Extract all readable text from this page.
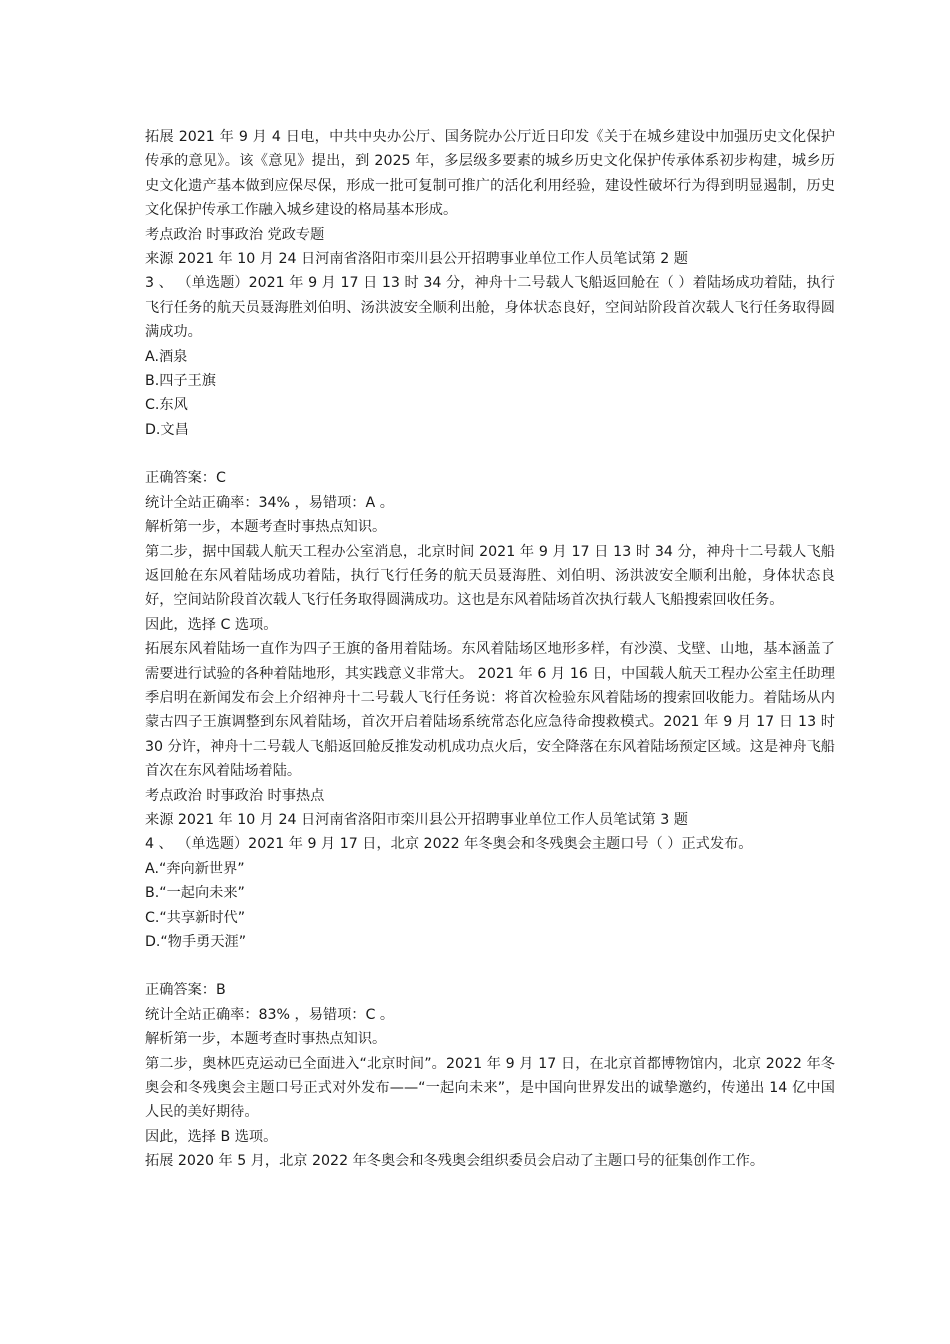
拓展 2021 年 9 月 4 日电，中共中央办公厅、国务院办公厅近日印发《关于在城乡建设中加强历史文化保护传承的意见》。该《意见》提出，到 2025 年，多层级多要素的城乡历史文化保护传承体系初步构建，城乡历史文化遗产基本做到应保尽保，形成一批可复制可推广的活化利用经验，建设性破坏行为得到明显遏制，历史文化保护传承工作融入城乡建设的格局基本形成。

考点政治 时事政治 党政专题

来源 2021 年 10 月 24 日河南省洛阳市栾川县公开招聘事业单位工作人员笔试第 2 题

3 、 （单选题）2021 年 9 月 17 日 13 时 34 分，神舟十二号载人飞船返回舱在（ ）着陆场成功着陆，执行飞行任务的航天员聂海胜刘伯明、汤洪波安全顺利出舱，身体状态良好，空间站阶段首次载人飞行任务取得圆满成功。

A.酒泉

B.四子王旗

C.东风

D.文昌

正确答案：C

统计全站正确率：34% ，易错项：A 。

解析第一步，本题考查时事热点知识。

第二步，据中国载人航天工程办公室消息，北京时间 2021 年 9 月 17 日 13 时 34 分，神舟十二号载人飞船返回舱在东风着陆场成功着陆，执行飞行任务的航天员聂海胜、刘伯明、汤洪波安全顺利出舱，身体状态良好，空间站阶段首次载人飞行任务取得圆满成功。这也是东风着陆场首次执行载人飞船搜索回收任务。

因此，选择 C 选项。

拓展东风着陆场一直作为四子王旗的备用着陆场。东风着陆场区地形多样，有沙漠、戈壁、山地，基本涵盖了需要进行试验的各种着陆地形，其实践意义非常大。 2021 年 6 月 16 日，中国载人航天工程办公室主任助理季启明在新闻发布会上介绍神舟十二号载人飞行任务说：将首次检验东风着陆场的搜索回收能力。着陆场从内蒙古四子王旗调整到东风着陆场，首次开启着陆场系统常态化应急待命搜救模式。2021 年 9 月 17 日 13 时 30 分许，神舟十二号载人飞船返回舱反推发动机成功点火后，安全降落在东风着陆场预定区域。这是神舟飞船首次在东风着陆场着陆。

考点政治 时事政治 时事热点

来源 2021 年 10 月 24 日河南省洛阳市栾川县公开招聘事业单位工作人员笔试第 3 题

4 、 （单选题）2021 年 9 月 17 日，北京 2022 年冬奥会和冬残奥会主题口号（ ）正式发布。

A.“奔向新世界”

B.“一起向未来”

C.“共享新时代”

D.“物手勇天涯”

正确答案：B

统计全站正确率：83% ，易错项：C 。

解析第一步，本题考查时事热点知识。

第二步，奥林匹克运动已全面进入“北京时间”。2021 年 9 月 17 日，在北京首都博物馆内，北京 2022 年冬奥会和冬残奥会主题口号正式对外发布——“一起向未来”，是中国向世界发出的诚挚邀约，传递出 14 亿中国人民的美好期待。

因此，选择 B 选项。

拓展 2020 年 5 月，北京 2022 年冬奥会和冬残奥会组织委员会启动了主题口号的征集创作工作。
